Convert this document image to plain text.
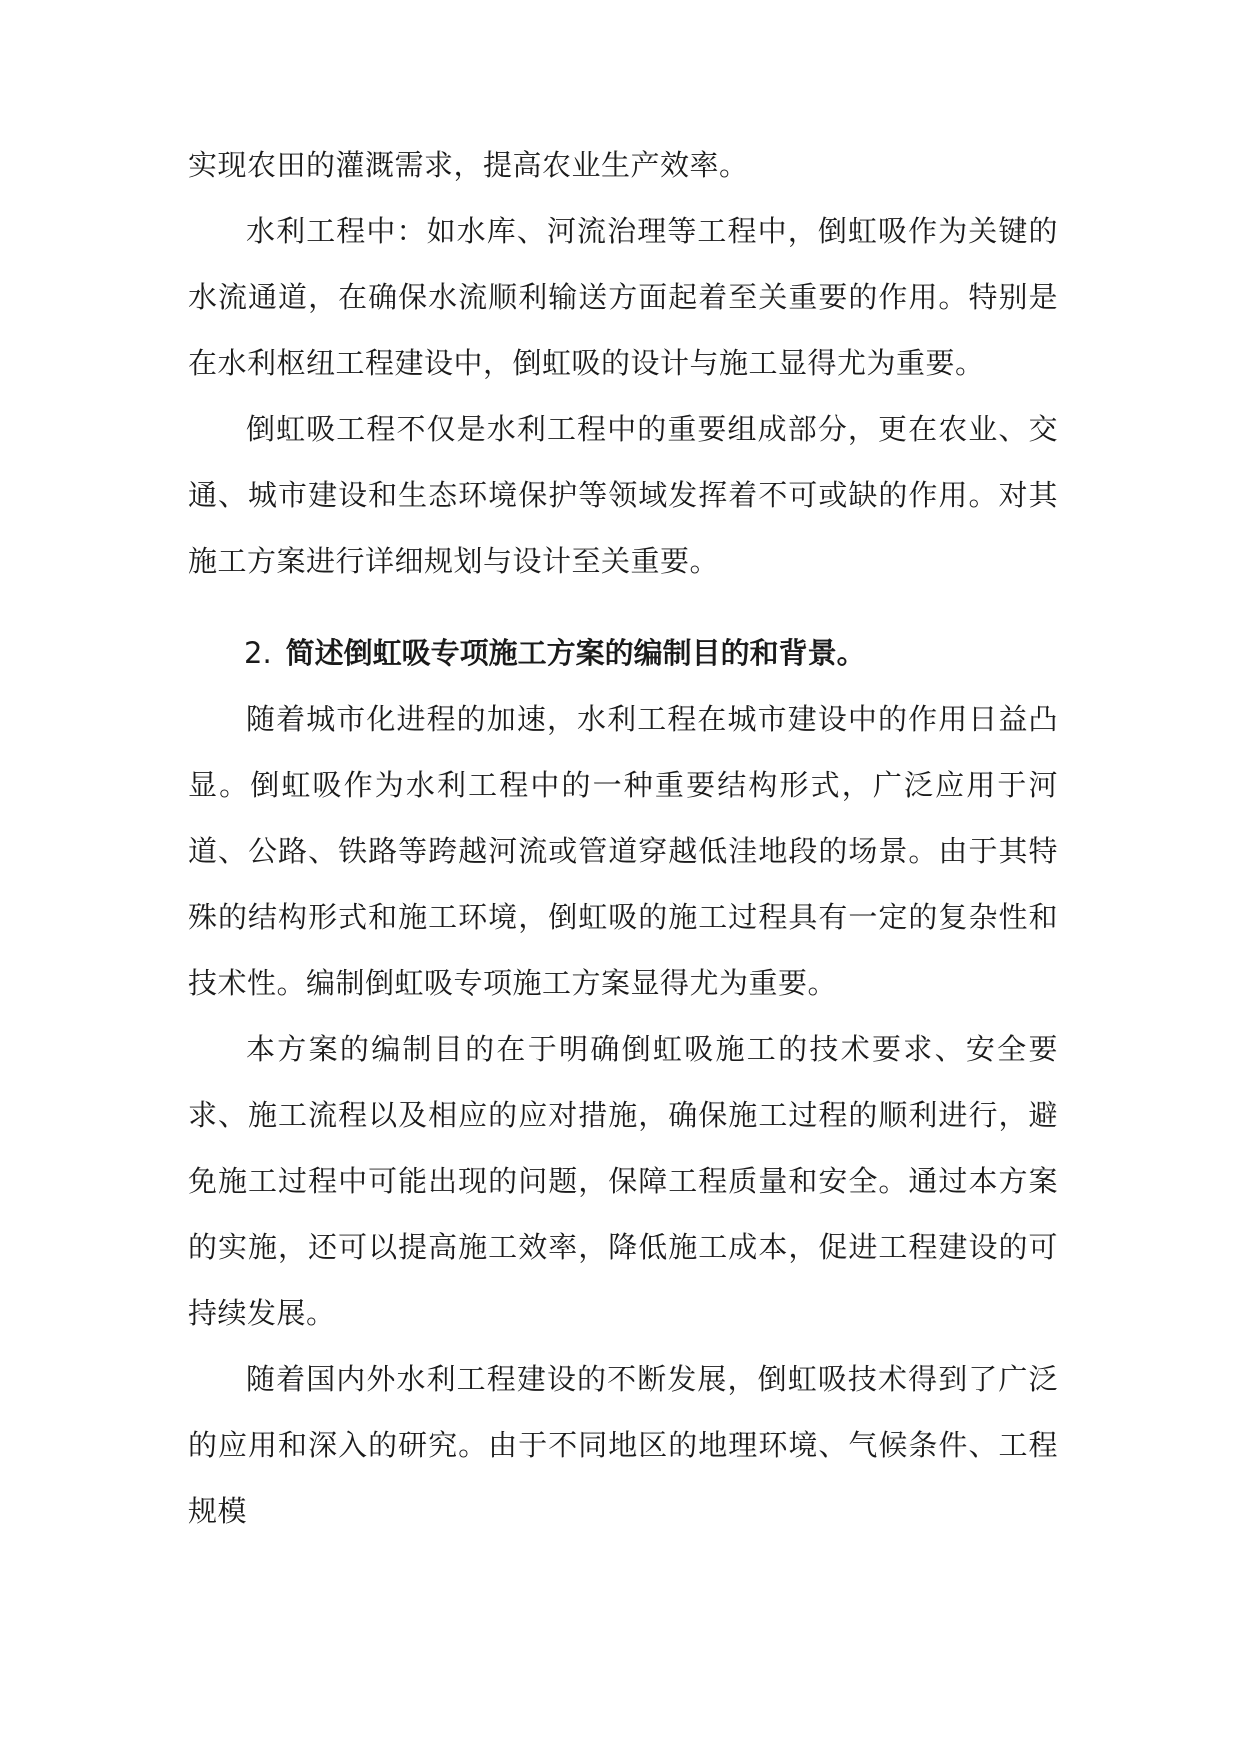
实现农田的灌溉需求，提高农业生产效率。

水利工程中：如水库、河流治理等工程中，倒虹吸作为关键的水流通道，在确保水流顺利输送方面起着至关重要的作用。特别是在水利枢纽工程建设中，倒虹吸的设计与施工显得尤为重要。

倒虹吸工程不仅是水利工程中的重要组成部分，更在农业、交通、城市建设和生态环境保护等领域发挥着不可或缺的作用。对其施工方案进行详细规划与设计至关重要。

2. 简述倒虹吸专项施工方案的编制目的和背景。

随着城市化进程的加速，水利工程在城市建设中的作用日益凸显。倒虹吸作为水利工程中的一种重要结构形式，广泛应用于河道、公路、铁路等跨越河流或管道穿越低洼地段的场景。由于其特殊的结构形式和施工环境，倒虹吸的施工过程具有一定的复杂性和技术性。编制倒虹吸专项施工方案显得尤为重要。

本方案的编制目的在于明确倒虹吸施工的技术要求、安全要求、施工流程以及相应的应对措施，确保施工过程的顺利进行，避免施工过程中可能出现的问题，保障工程质量和安全。通过本方案的实施，还可以提高施工效率，降低施工成本，促进工程建设的可持续发展。

随着国内外水利工程建设的不断发展，倒虹吸技术得到了广泛的应用和深入的研究。由于不同地区的地理环境、气候条件、工程规模
